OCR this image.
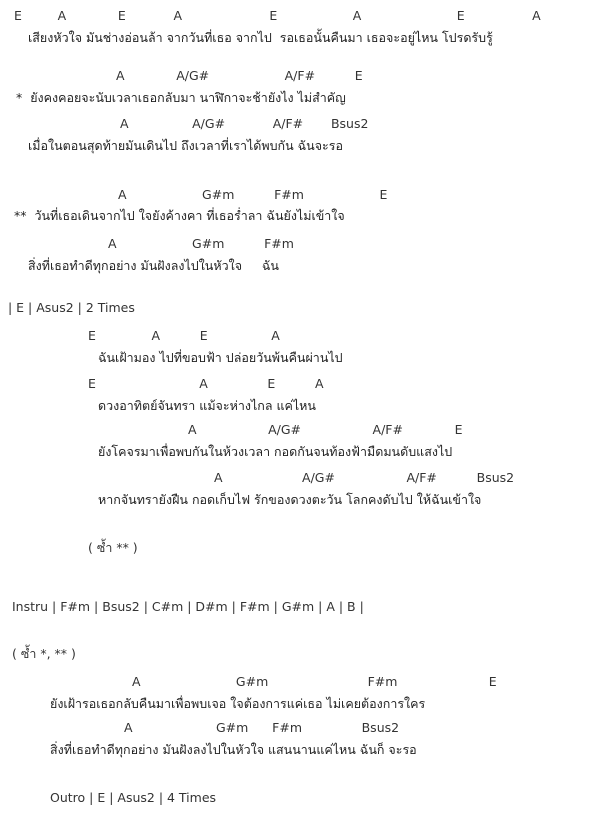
E         A             E            A                      E                   A                        E                 A
เสียงหัวใจ มันช่างอ่อนล้า จากวันที่เธอ จากไป  รอเธอนั้นคืนมา เธอจะอยู่ไหน โปรดรับรู้
A             A/G#                   A/F#          E
*  ยังคงคอยจะนับเวลาเธอกลับมา นาฬิกาจะช้ายังไง ไม่สำคัญ
A                A/G#            A/F#       Bsus2
เมื่อในตอนสุดท้ายมันเดินไป ถึงเวลาที่เราได้พบกัน ฉันจะรอ
A                   G#m          F#m                   E
**  วันที่เธอเดินจากไป ใจยังค้างคา ที่เธอร่ำลา ฉันยังไม่เข้าใจ
A                   G#m          F#m
สิ่งที่เธอทำดีทุกอย่าง มันฝังลงไปในหัวใจ     ฉัน
| E | Asus2 | 2 Times
E              A          E                A
ฉันเฝ้ามอง ไปที่ขอบฟ้า ปล่อยวันพ้นคืนผ่านไป
E                          A               E          A
ดวงอาทิตย์จันทรา แม้จะห่างไกล แค่ไหน
A                  A/G#                  A/F#             E
ยังโคจรมาเพื่อพบกันในห้วงเวลา กอดกันจนท้องฟ้ามืดมนดับแสงไป
A                    A/G#                  A/F#          Bsus2
หากจันทรายังฝืน กอดเก็บไฟ รักของดวงตะวัน โลกคงดับไป ให้ฉันเข้าใจ
( ซ้ำ ** )
Instru | F#m | Bsus2 | C#m | D#m | F#m | G#m | A | B |
( ซ้ำ *, ** )
A                        G#m                         F#m                       E
ยังเฝ้ารอเธอกลับคืนมาเพื่อพบเจอ ใจต้องการแค่เธอ ไม่เคยต้องการใคร
A                     G#m      F#m               Bsus2
สิ่งที่เธอทำดีทุกอย่าง มันฝังลงไปในหัวใจ แสนนานแค่ไหน ฉันก็ จะรอ
Outro | E | Asus2 | 4 Times
